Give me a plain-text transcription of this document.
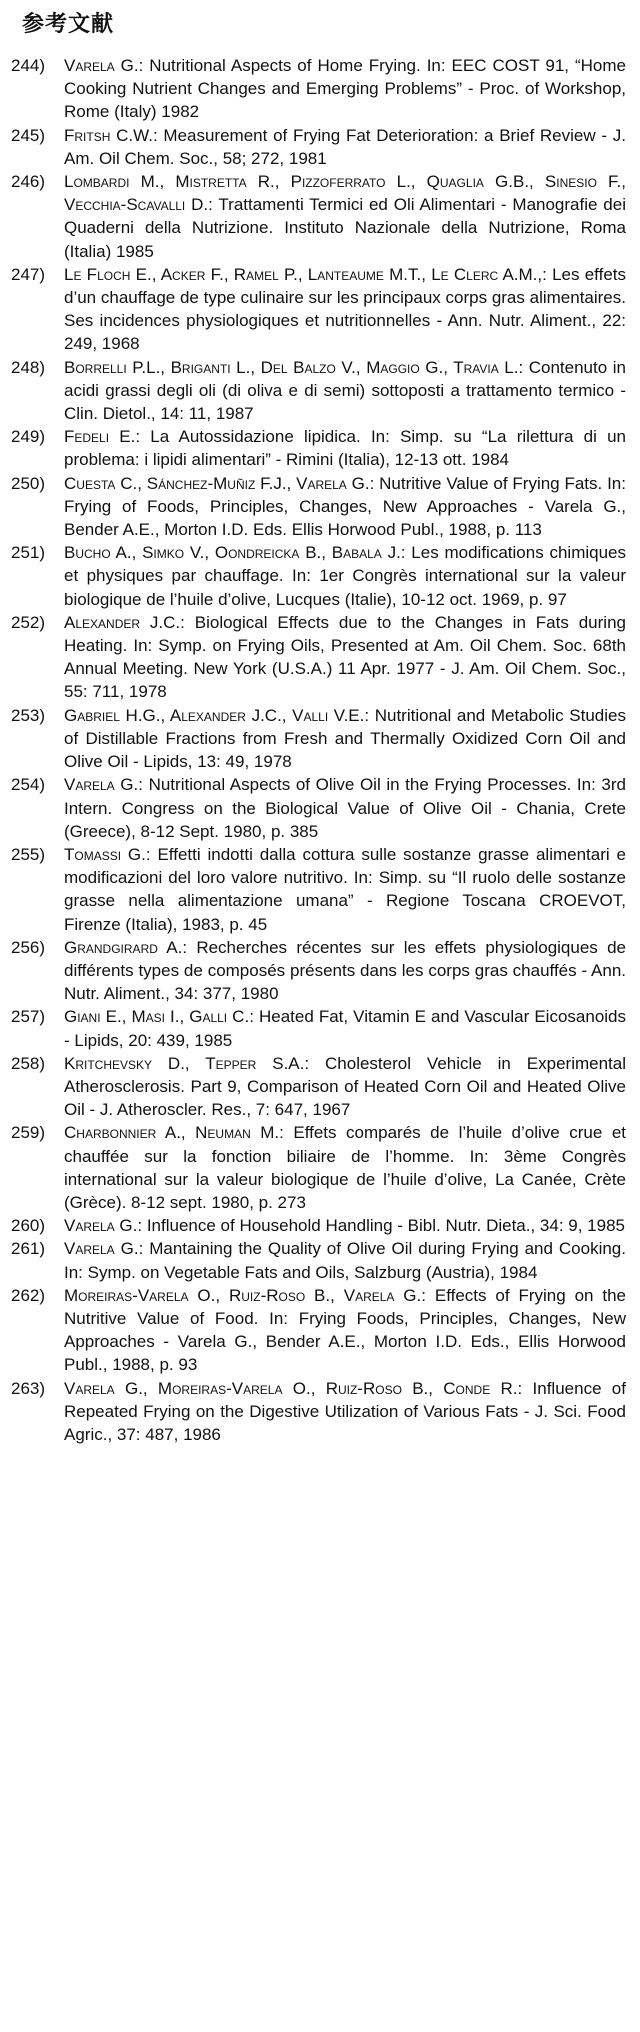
参考文献
244)	Varela G.: Nutritional Aspects of Home Frying. In: EEC COST 91, “Home Cooking Nutrient Changes and Emerging Problems” - Proc. of Workshop, Rome (Italy) 1982
245)	Fritsh C.W.: Measurement of Frying Fat Deterioration: a Brief Review - J. Am. Oil Chem. Soc., 58; 272, 1981
246)	Lombardi M., Mistretta R., Pizzoferrato L., Quaglia G.B., Sinesio F., Vecchia-Scavalli D.: Trattamenti Termici ed Oli Alimentari - Manografie dei Quaderni della Nutrizione. Instituto Nazionale della Nutrizione, Roma (Italia) 1985
247)	Le Floch E., Acker F., Ramel P., Lanteaume M.T., Le Clerc A.M.,: Les effets d’un chauffage de type culinaire sur les principaux corps gras alimentaires. Ses incidences physiologiques et nutritionnelles - Ann. Nutr. Aliment., 22: 249, 1968
248)	Borrelli P.L., Briganti L., Del Balzo V., Maggio G., Travia L.: Contenuto in acidi grassi degli oli (di oliva e di semi) sottoposti a trattamento termico - Clin. Dietol., 14: 11, 1987
249)	Fedeli E.: La Autossidazione lipidica. In: Simp. su “La rilettura di un problema: i lipidi alimentari” - Rimini (Italia), 12-13 ott. 1984
250)	Cuesta C., Sánchez-Muñiz F.J., Varela G.: Nutritive Value of Frying Fats. In: Frying of Foods, Principles, Changes, New Approaches - Varela G., Bender A.E., Morton I.D. Eds. Ellis Horwood Publ., 1988, p. 113
251)	Bucho A., Simko V., Oondreicka B., Babala J.: Les modifications chimiques et physiques par chauffage. In: 1er Congrès international sur la valeur biologique de l’huile d’olive, Lucques (Italie), 10-12 oct. 1969, p. 97
252)	Alexander J.C.: Biological Effects due to the Changes in Fats during Heating. In: Symp. on Frying Oils, Presented at Am. Oil Chem. Soc. 68th Annual Meeting. New York (U.S.A.) 11 Apr. 1977 - J. Am. Oil Chem. Soc., 55: 711, 1978
253)	Gabriel H.G., Alexander J.C., Valli V.E.: Nutritional and Metabolic Studies of Distillable Fractions from Fresh and Thermally Oxidized Corn Oil and Olive Oil - Lipids, 13: 49, 1978
254)	Varela G.: Nutritional Aspects of Olive Oil in the Frying Processes. In: 3rd Intern. Congress on the Biological Value of Olive Oil - Chania, Crete (Greece), 8-12 Sept. 1980, p. 385
255)	Tomassi G.: Effetti indotti dalla cottura sulle sostanze grasse alimentari e modificazioni del loro valore nutritivo. In: Simp. su “Il ruolo delle sostanze grasse nella alimentazione umana” - Regione Toscana CROEVOT, Firenze (Italia), 1983, p. 45
256)	Grandgirard A.: Recherches récentes sur les effets physiologiques de différents types de composés présents dans les corps gras chauffés - Ann. Nutr. Aliment., 34: 377, 1980
257)	Giani E., Masi I., Galli C.: Heated Fat, Vitamin E and Vascular Eicosanoids - Lipids, 20: 439, 1985
258)	Kritchevsky D., Tepper S.A.: Cholesterol Vehicle in Experimental Atherosclerosis. Part 9, Comparison of Heated Corn Oil and Heated Olive Oil - J. Atheroscler. Res., 7: 647, 1967
259)	Charbonnier A., Neuman M.: Effets comparés de l’huile d’olive crue et chauffée sur la fonction biliaire de l’homme. In: 3ème Congrès international sur la valeur biologique de l’huile d’olive, La Canée, Crète (Grèce). 8-12 sept. 1980, p. 273
260)	Varela G.: Influence of Household Handling - Bibl. Nutr. Dieta., 34: 9, 1985
261)	Varela G.: Mantaining the Quality of Olive Oil during Frying and Cooking. In: Symp. on Vegetable Fats and Oils, Salzburg (Austria), 1984
262)	Moreiras-Varela O., Ruiz-Roso B., Varela G.: Effects of Frying on the Nutritive Value of Food. In: Frying Foods, Principles, Changes, New Approaches - Varela G., Bender A.E., Morton I.D. Eds., Ellis Horwood Publ., 1988, p. 93
263)	Varela G., Moreiras-Varela O., Ruiz-Roso B., Conde R.: Influence of Repeated Frying on the Digestive Utilization of Various Fats - J. Sci. Food Agric., 37: 487, 1986
